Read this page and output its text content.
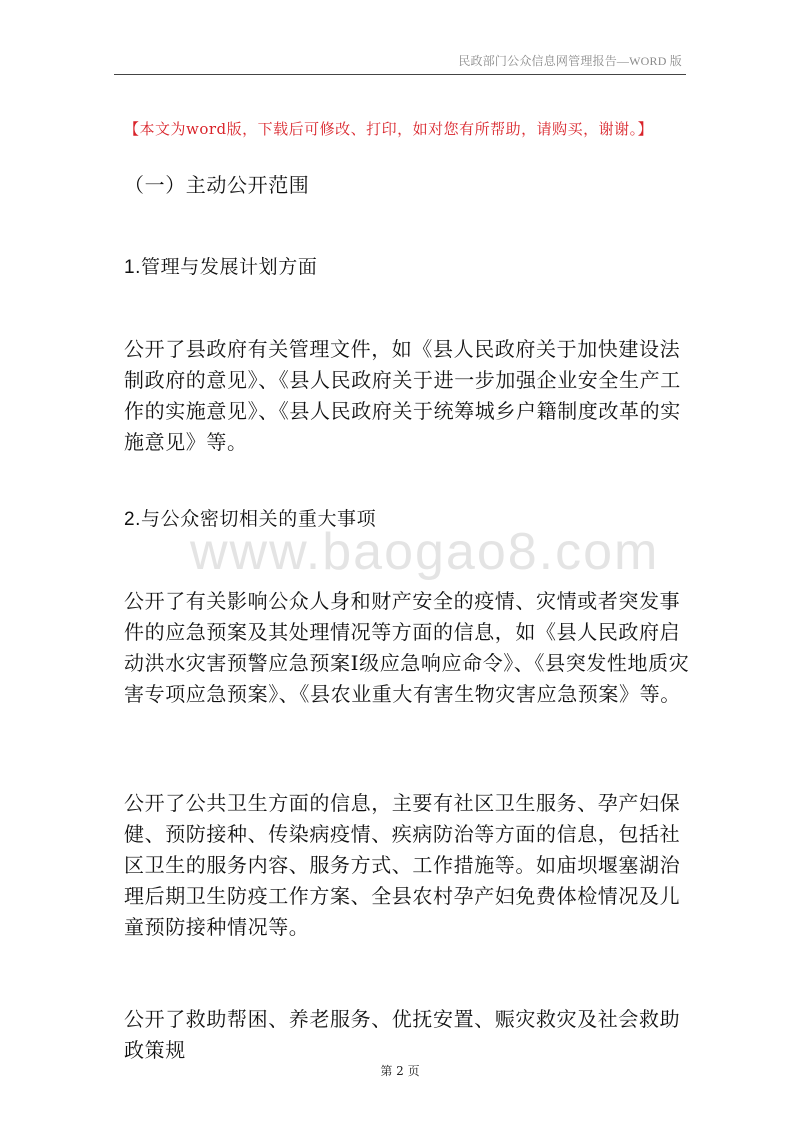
民政部门公众信息网管理报告—WORD 版
【本文为word版，下载后可修改、打印，如对您有所帮助，请购买，谢谢。】

（一）主动公开范围

1.管理与发展计划方面

公开了县政府有关管理文件，如《县人民政府关于加快建设法制政府的意见》、《县人民政府关于进一步加强企业安全生产工作的实施意见》、《县人民政府关于统筹城乡户籍制度改革的实施意见》等。

2.与公众密切相关的重大事项

www.baogao8.com

公开了有关影响公众人身和财产安全的疫情、灾情或者突发事件的应急预案及其处理情况等方面的信息，如《县人民政府启动洪水灾害预警应急预案Ⅰ级应急响应命令》、《县突发性地质灾害专项应急预案》、《县农业重大有害生物灾害应急预案》等。

公开了公共卫生方面的信息，主要有社区卫生服务、孕产妇保健、预防接种、传染病疫情、疾病防治等方面的信息，包括社区卫生的服务内容、服务方式、工作措施等。如庙坝堰塞湖治理后期卫生防疫工作方案、全县农村孕产妇免费体检情况及儿童预防接种情况等。

公开了救助帮困、养老服务、优抚安置、赈灾救灾及社会救助政策规

第 2 页
